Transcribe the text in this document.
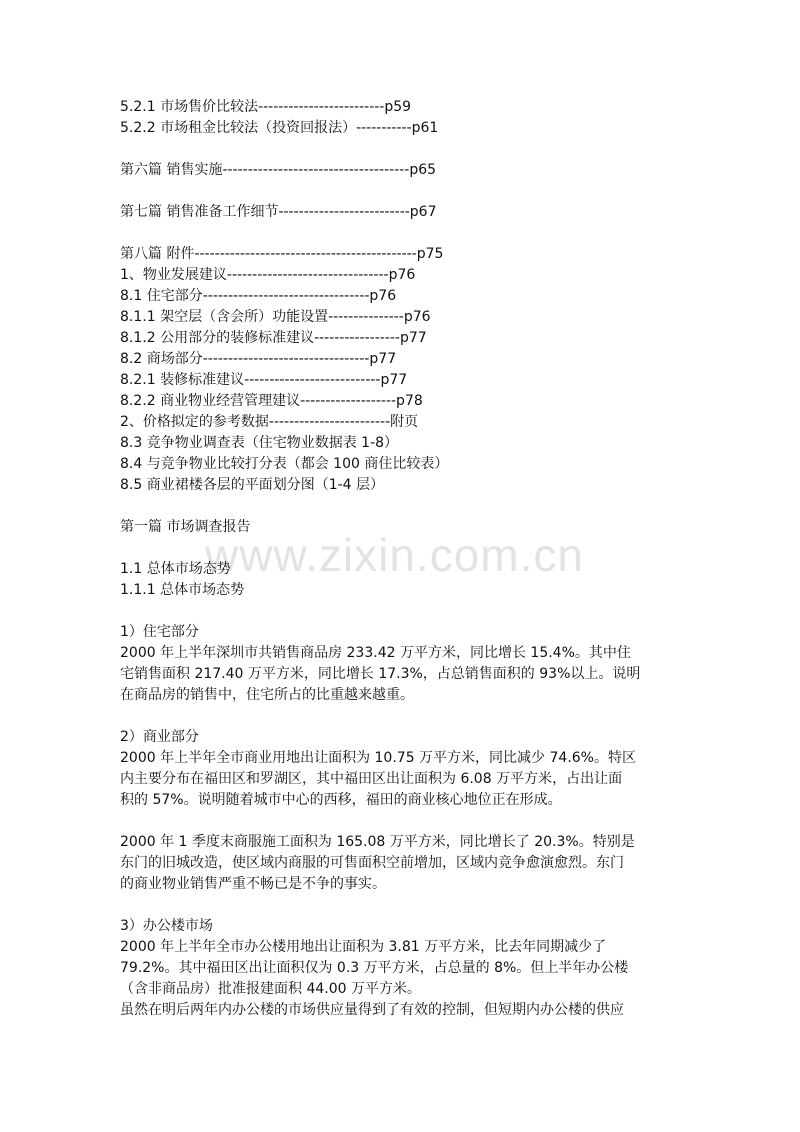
www.zixin.com.cn
5.2.1 市场售价比较法-------------------------p59
5.2.2 市场租金比较法（投资回报法）-----------p61
第六篇 销售实施-------------------------------------p65
第七篇 销售准备工作细节--------------------------p67
第八篇 附件--------------------------------------------p75
1、物业发展建议--------------------------------p76
8.1 住宅部分---------------------------------p76
8.1.1 架空层（含会所）功能设置---------------p76
8.1.2 公用部分的装修标准建议-----------------p77
8.2 商场部分---------------------------------p77
8.2.1 装修标准建议---------------------------p77
8.2.2 商业物业经营管理建议-------------------p78
2、价格拟定的参考数据------------------------附页
8.3 竞争物业调查表（住宅物业数据表 1-8）
8.4 与竞争物业比较打分表（都会 100 商住比较表）
8.5 商业裙楼各层的平面划分图（1-4 层）
第一篇 市场调查报告
1.1 总体市场态势
1.1.1 总体市场态势
1）住宅部分
2000 年上半年深圳市共销售商品房 233.42 万平方米，同比增长 15.4%。其中住
宅销售面积 217.40 万平方米，同比增长 17.3%，占总销售面积的 93%以上。说明
在商品房的销售中，住宅所占的比重越来越重。
2）商业部分
2000 年上半年全市商业用地出让面积为 10.75 万平方米，同比减少 74.6%。特区
内主要分布在福田区和罗湖区，其中福田区出让面积为 6.08 万平方米，占出让面
积的 57%。说明随着城市中心的西移，福田的商业核心地位正在形成。
2000 年 1 季度末商服施工面积为 165.08 万平方米，同比增长了 20.3%。特别是
东门的旧城改造，使区域内商服的可售面积空前增加，区域内竞争愈演愈烈。东门
的商业物业销售严重不畅已是不争的事实。
3）办公楼市场
2000 年上半年全市办公楼用地出让面积为 3.81 万平方米，比去年同期减少了
79.2%。其中福田区出让面积仅为 0.3 万平方米，占总量的 8%。但上半年办公楼
（含非商品房）批准报建面积 44.00 万平方米。
虽然在明后两年内办公楼的市场供应量得到了有效的控制，但短期内办公楼的供应
